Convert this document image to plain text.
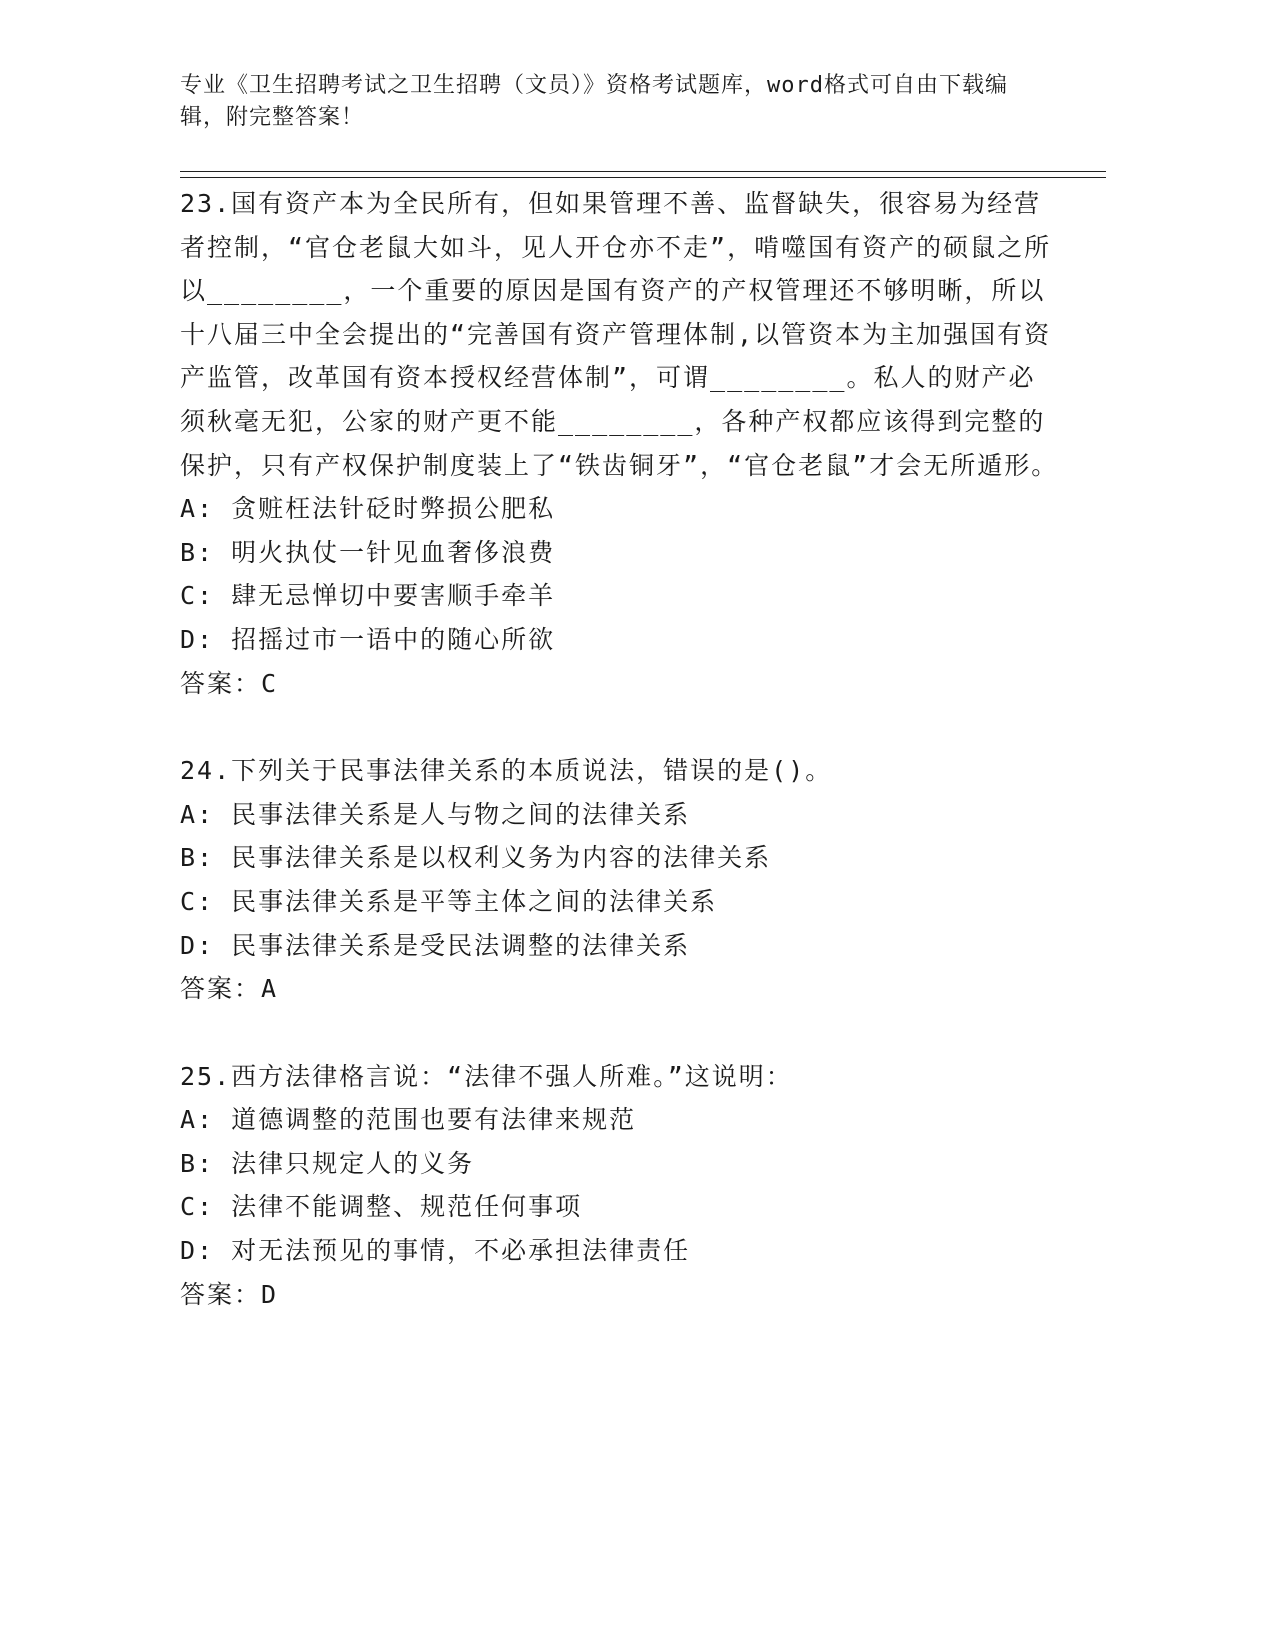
专业《卫生招聘考试之卫生招聘（文员）》资格考试题库，word格式可自由下载编辑，附完整答案！
23.国有资产本为全民所有，但如果管理不善、监督缺失，很容易为经营者控制，“官仓老鼠大如斗，见人开仓亦不走”，啃噬国有资产的硕鼠之所以________，一个重要的原因是国有资产的产权管理还不够明晰，所以十八届三中全会提出的“完善国有资产管理体制,以管资本为主加强国有资产监管，改革国有资本授权经营体制”，可谓________。私人的财产必须秋毫无犯，公家的财产更不能________，各种产权都应该得到完整的保护，只有产权保护制度装上了“铁齿铜牙”，“官仓老鼠”才会无所遁形。
A: 贪赃枉法针砭时弊损公肥私
B: 明火执仗一针见血奢侈浪费
C: 肆无忌惮切中要害顺手牵羊
D: 招摇过市一语中的随心所欲
答案：C
24.下列关于民事法律关系的本质说法，错误的是()。
A: 民事法律关系是人与物之间的法律关系
B: 民事法律关系是以权利义务为内容的法律关系
C: 民事法律关系是平等主体之间的法律关系
D: 民事法律关系是受民法调整的法律关系
答案：A
25.西方法律格言说：“法律不强人所难。”这说明：
A: 道德调整的范围也要有法律来规范
B: 法律只规定人的义务
C: 法律不能调整、规范任何事项
D: 对无法预见的事情，不必承担法律责任
答案：D
